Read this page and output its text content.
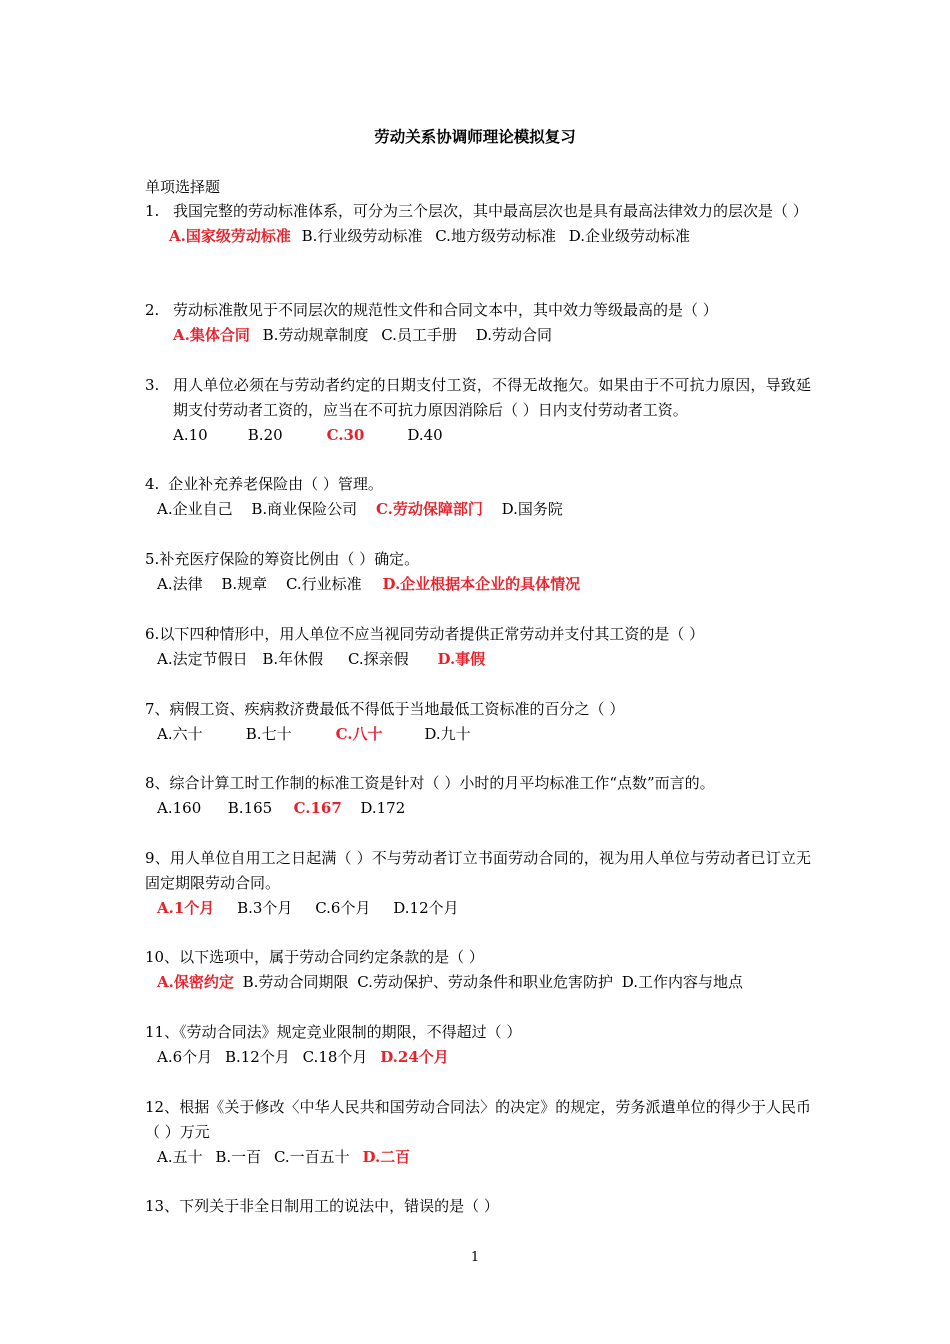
劳动关系协调师理论模拟复习
单项选择题
1. 我国完整的劳动标准体系，可分为三个层次，其中最高层次也是具有最高法律效力的层次是（ ）
A.国家级劳动标准 B.行业级劳动标准 C.地方级劳动标准 D.企业级劳动标准
2. 劳动标准散见于不同层次的规范性文件和合同文本中，其中效力等级最高的是（ ）
A.集体合同 B.劳动规章制度 C.员工手册 D.劳动合同
3. 用人单位必须在与劳动者约定的日期支付工资，不得无故拖欠。如果由于不可抗力原因，导致延期支付劳动者工资的，应当在不可抗力原因消除后（ ）日内支付劳动者工资。
A.10	B.20	C.30	D.40
4. 企业补充养老保险由（ ）管理。
A.企业自己 B.商业保险公司 C.劳动保障部门 D.国务院
5.补充医疗保险的筹资比例由（ ）确定。
A.法律 B.规章 C.行业标准 D.企业根据本企业的具体情况
6.以下四种情形中，用人单位不应当视同劳动者提供正常劳动并支付其工资的是（ ）
A.法定节假日 B.年休假 C.探亲假 D.事假
7、病假工资、疾病救济费最低不得低于当地最低工资标准的百分之（ ）
A.六十	B.七十	C.八十	D.九十
8、综合计算工时工作制的标准工资是针对（ ）小时的月平均标准工作“点数”而言的。
A.160 B.165 C.167 D.172
9、用人单位自用工之日起满（ ）不与劳动者订立书面劳动合同的，视为用人单位与劳动者已订立无固定期限劳动合同。
A.1个月 B.3个月 C.6个月 D.12个月
10、以下选项中，属于劳动合同约定条款的是（ ）
A.保密约定 B.劳动合同期限 C.劳动保护、劳动条件和职业危害防护 D.工作内容与地点
11、《劳动合同法》规定竞业限制的期限，不得超过（ ）
A.6个月 B.12个月 C.18个月 D.24个月
12、根据《关于修改〈中华人民共和国劳动合同法〉的决定》的规定，劳务派遣单位的得少于人民币（ ）万元
A.五十 B.一百 C.一百五十 D.二百
13、下列关于非全日制用工的说法中，错误的是（ ）
1
